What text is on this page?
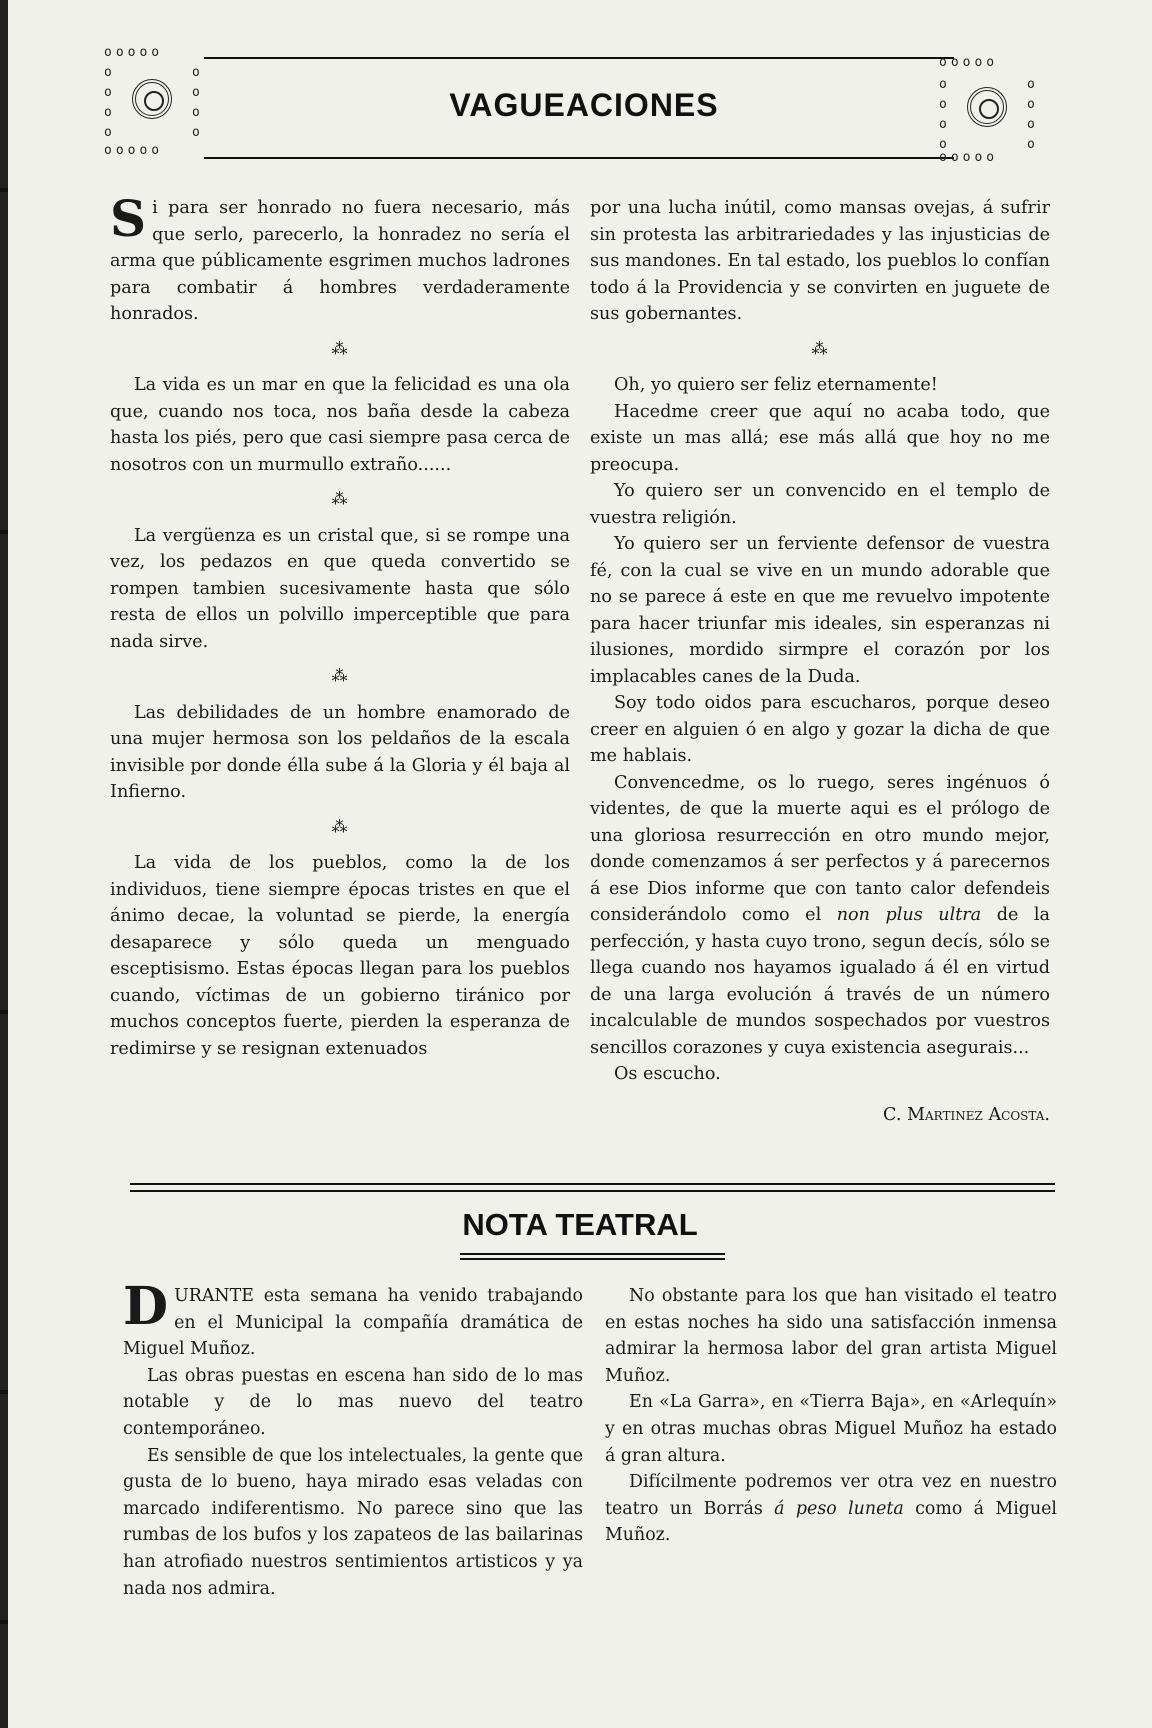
ooooo
o
o
o
o
o
o
o
o
ooooo
VAGUEACIONES
ooooo
o
o
o
o
o
o
o
o
ooooo

Si para ser honrado no fuera necesario, más que serlo, parecerlo, la honradez no sería el arma que públicamente esgrimen muchos ladrones para combatir á hombres verdaderamente honrados.

⁂

La vida es un mar en que la felicidad es una ola que, cuando nos toca, nos baña desde la cabeza hasta los piés, pero que casi siempre pasa cerca de nosotros con un murmullo extraño......

⁂

La vergüenza es un cristal que, si se rompe una vez, los pedazos en que queda convertido se rompen tambien sucesivamente hasta que sólo resta de ellos un polvillo imperceptible que para nada sirve.

⁂

Las debilidades de un hombre enamorado de una mujer hermosa son los peldaños de la escala invisible por donde élla sube á la Gloria y él baja al Infierno.

⁂

La vida de los pueblos, como la de los individuos, tiene siempre épocas tristes en que el ánimo decae, la voluntad se pierde, la energía desaparece y sólo queda un menguado esceptisismo. Estas épocas llegan para los pueblos cuando, víctimas de un gobierno tiránico por muchos conceptos fuerte, pierden la esperanza de redimirse y se resignan extenuados

por una lucha inútil, como mansas ovejas, á sufrir sin protesta las arbitrariedades y las injusticias de sus mandones. En tal estado, los pueblos lo confían todo á la Providencia y se convirten en juguete de sus gobernantes.

⁂

Oh, yo quiero ser feliz eternamente!

Hacedme creer que aquí no acaba todo, que existe un mas allá; ese más allá que hoy no me preocupa.

Yo quiero ser un convencido en el templo de vuestra religión.

Yo quiero ser un ferviente defensor de vuestra fé, con la cual se vive en un mundo adorable que no se parece á este en que me revuelvo impotente para hacer triunfar mis ideales, sin esperanzas ni ilusiones, mordido sirmpre el corazón por los implacables canes de la Duda.

Soy todo oidos para escucharos, porque deseo creer en alguien ó en algo y gozar la dicha de que me hablais.

Convencedme, os lo ruego, seres ingénuos ó videntes, de que la muerte aqui es el prólogo de una gloriosa resurrección en otro mundo mejor, donde comenzamos á ser perfectos y á parecernos á ese Dios informe que con tanto calor defendeis considerándolo como el non plus ultra de la perfección, y hasta cuyo trono, segun decís, sólo se llega cuando nos hayamos igualado á él en virtud de una larga evolución á través de un número incalculable de mundos sospechados por vuestros sencillos corazones y cuya existencia asegurais...

Os escucho.

C. Martinez Acosta.
NOTA TEATRAL

DURANTE esta semana ha venido trabajando en el Municipal la compañía dramática de Miguel Muñoz.

Las obras puestas en escena han sido de lo mas notable y de lo mas nuevo del teatro contemporáneo.

Es sensible de que los intelectuales, la gente que gusta de lo bueno, haya mirado esas veladas con marcado indiferentismo. No parece sino que las rumbas de los bufos y los zapateos de las bailarinas han atrofiado nuestros sentimientos artisticos y ya nada nos admira.

No obstante para los que han visitado el teatro en estas noches ha sido una satisfacción inmensa admirar la hermosa labor del gran artista Miguel Muñoz.

En «La Garra», en «Tierra Baja», en «Arlequín» y en otras muchas obras Miguel Muñoz ha estado á gran altura.

Difícilmente podremos ver otra vez en nuestro teatro un Borrás á peso luneta como á Miguel Muñoz.
